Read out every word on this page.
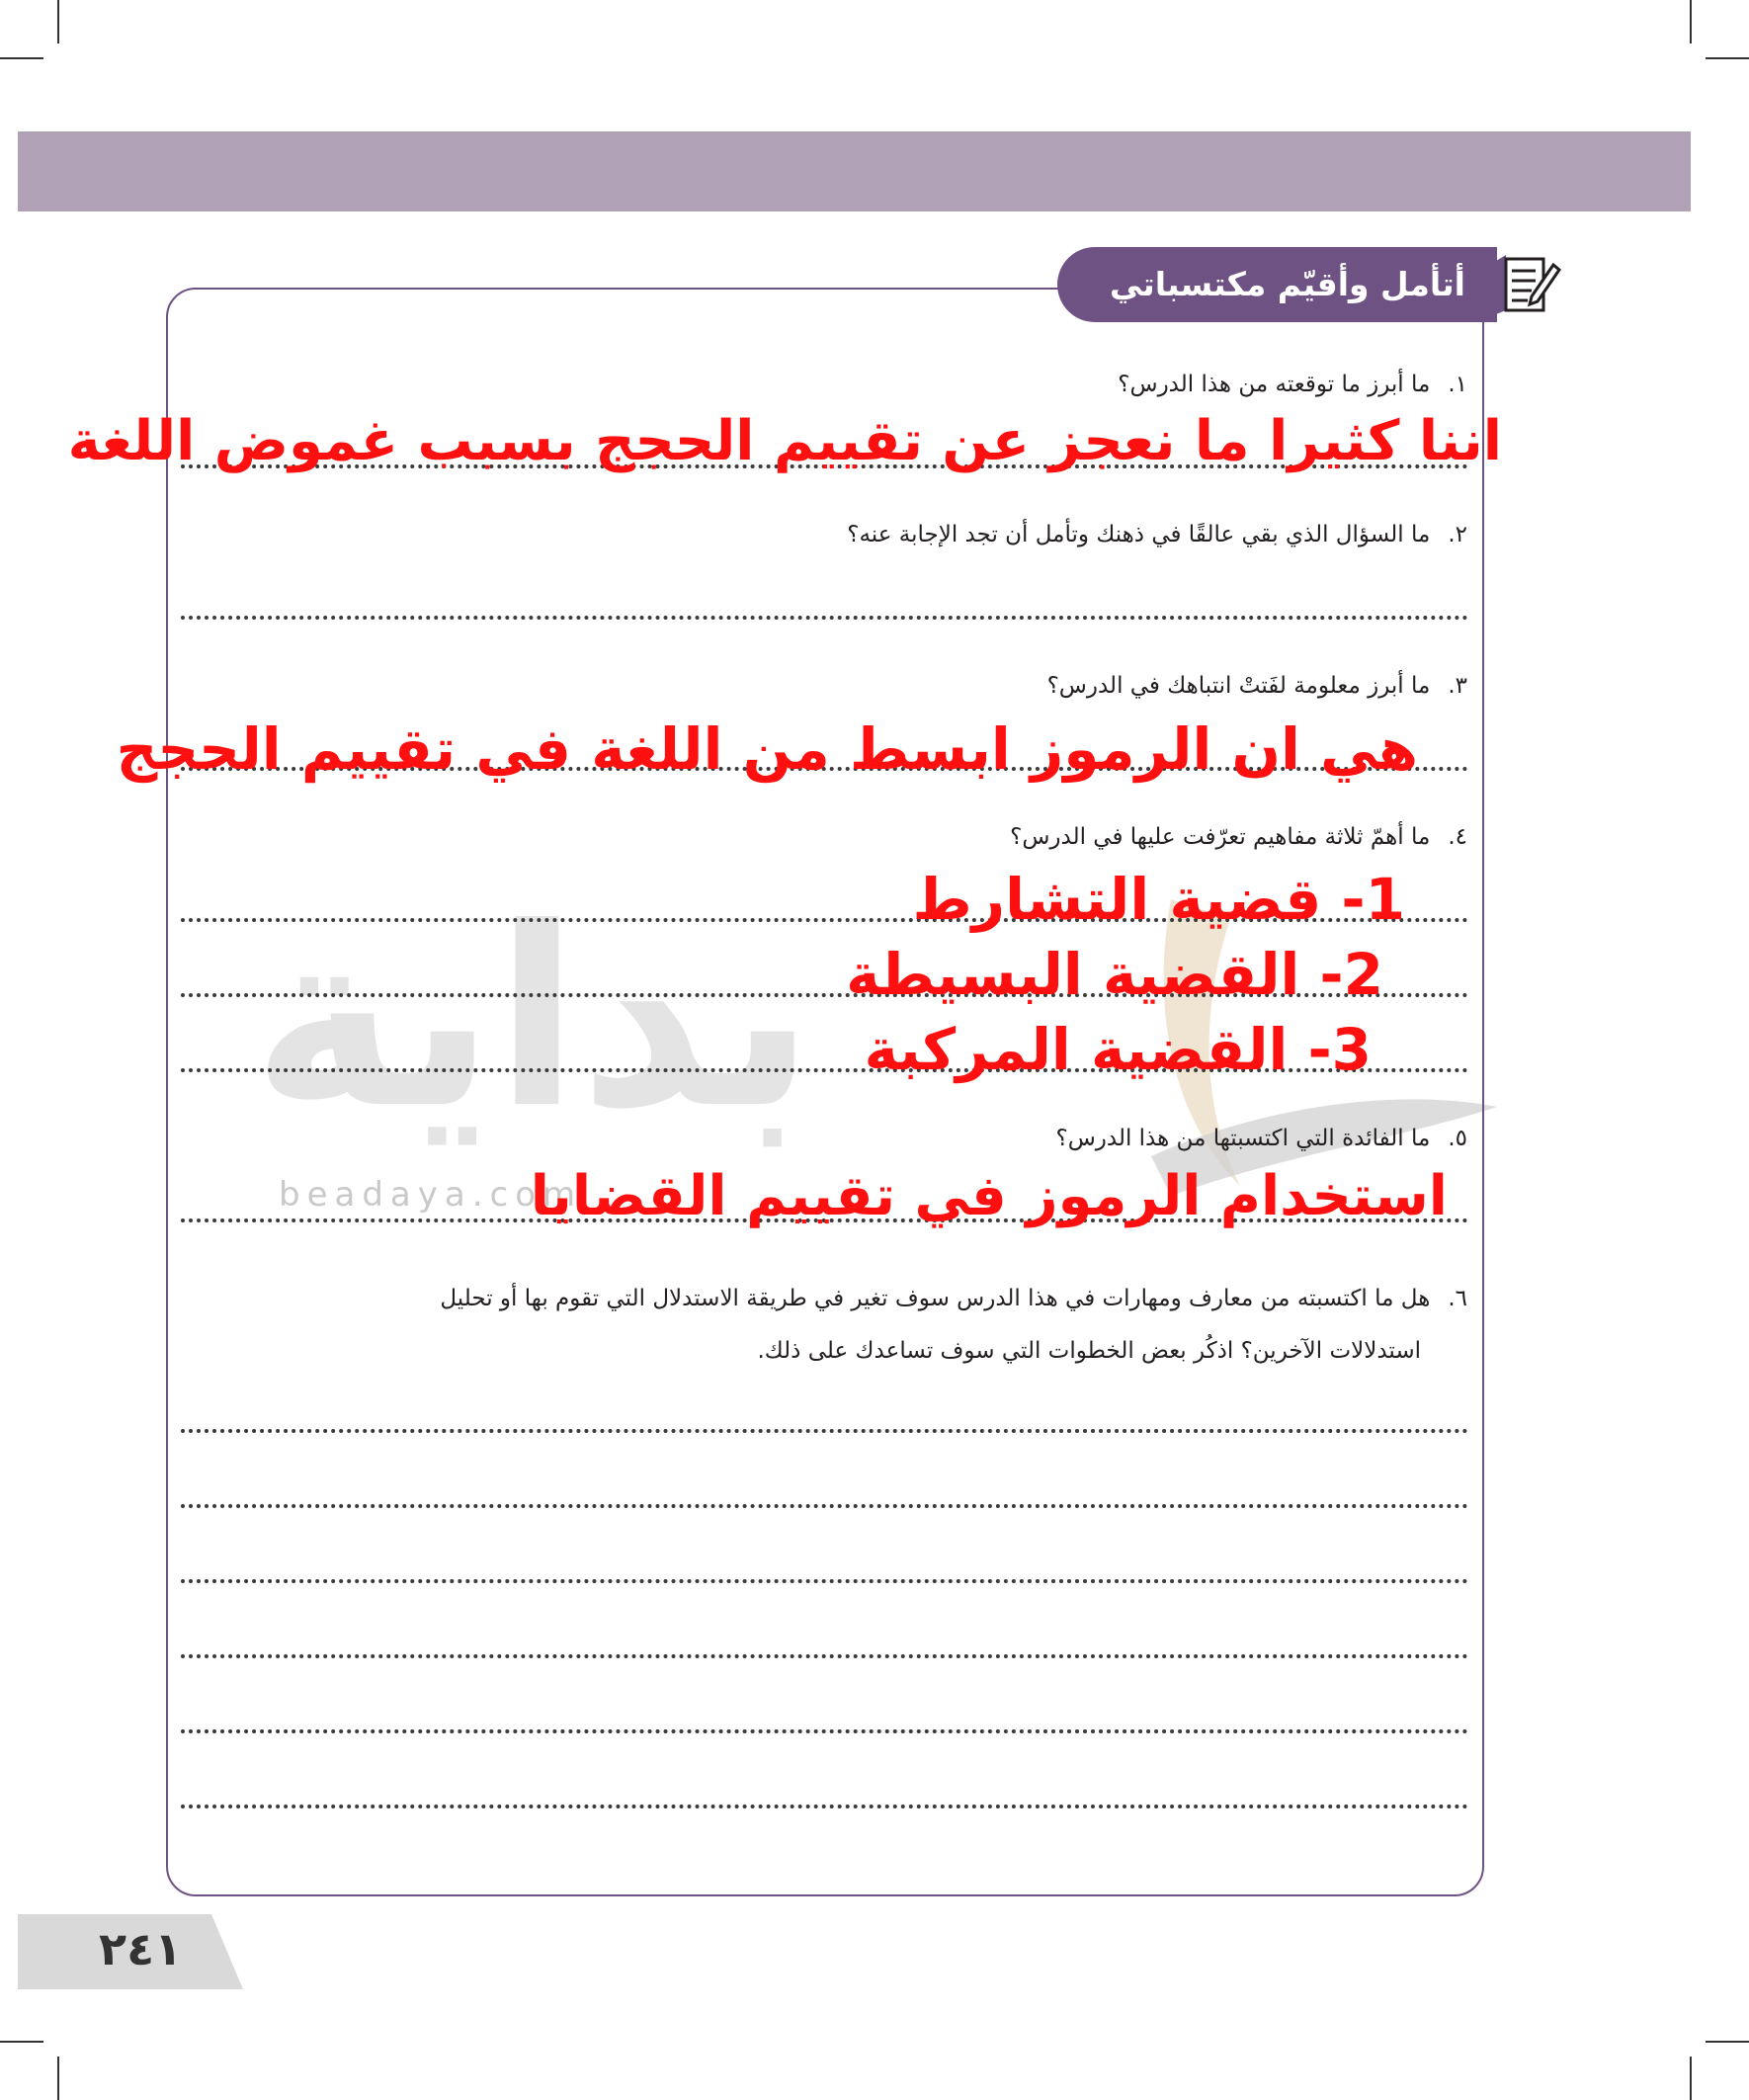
بداية
beadaya.com
أتأمل وأقيّم مكتسباتي
١.ما أبرز ما توقعته من هذا الدرس؟
٢.ما السؤال الذي بقي عالقًا في ذهنك وتأمل أن تجد الإجابة عنه؟
٣.ما أبرز معلومة لفَتتْ انتباهك في الدرس؟
٤.ما أهمّ ثلاثة مفاهيم تعرّفت عليها في الدرس؟
٥.ما الفائدة التي اكتسبتها من هذا الدرس؟
٦.هل ما اكتسبته من معارف ومهارات في هذا الدرس سوف تغير في طريقة الاستدلال التي تقوم بها أو تحليل
استدلالات الآخرين؟ اذكُر بعض الخطوات التي سوف تساعدك على ذلك.
اننا كثيرا ما نعجز عن تقييم الحجج بسبب غموض اللغة
هي ان الرموز ابسط من اللغة في تقييم الحجج
1- قضية التشارط
2- القضية البسيطة
3- القضية المركبة
استخدام الرموز في تقييم القضايا
٢٤١
